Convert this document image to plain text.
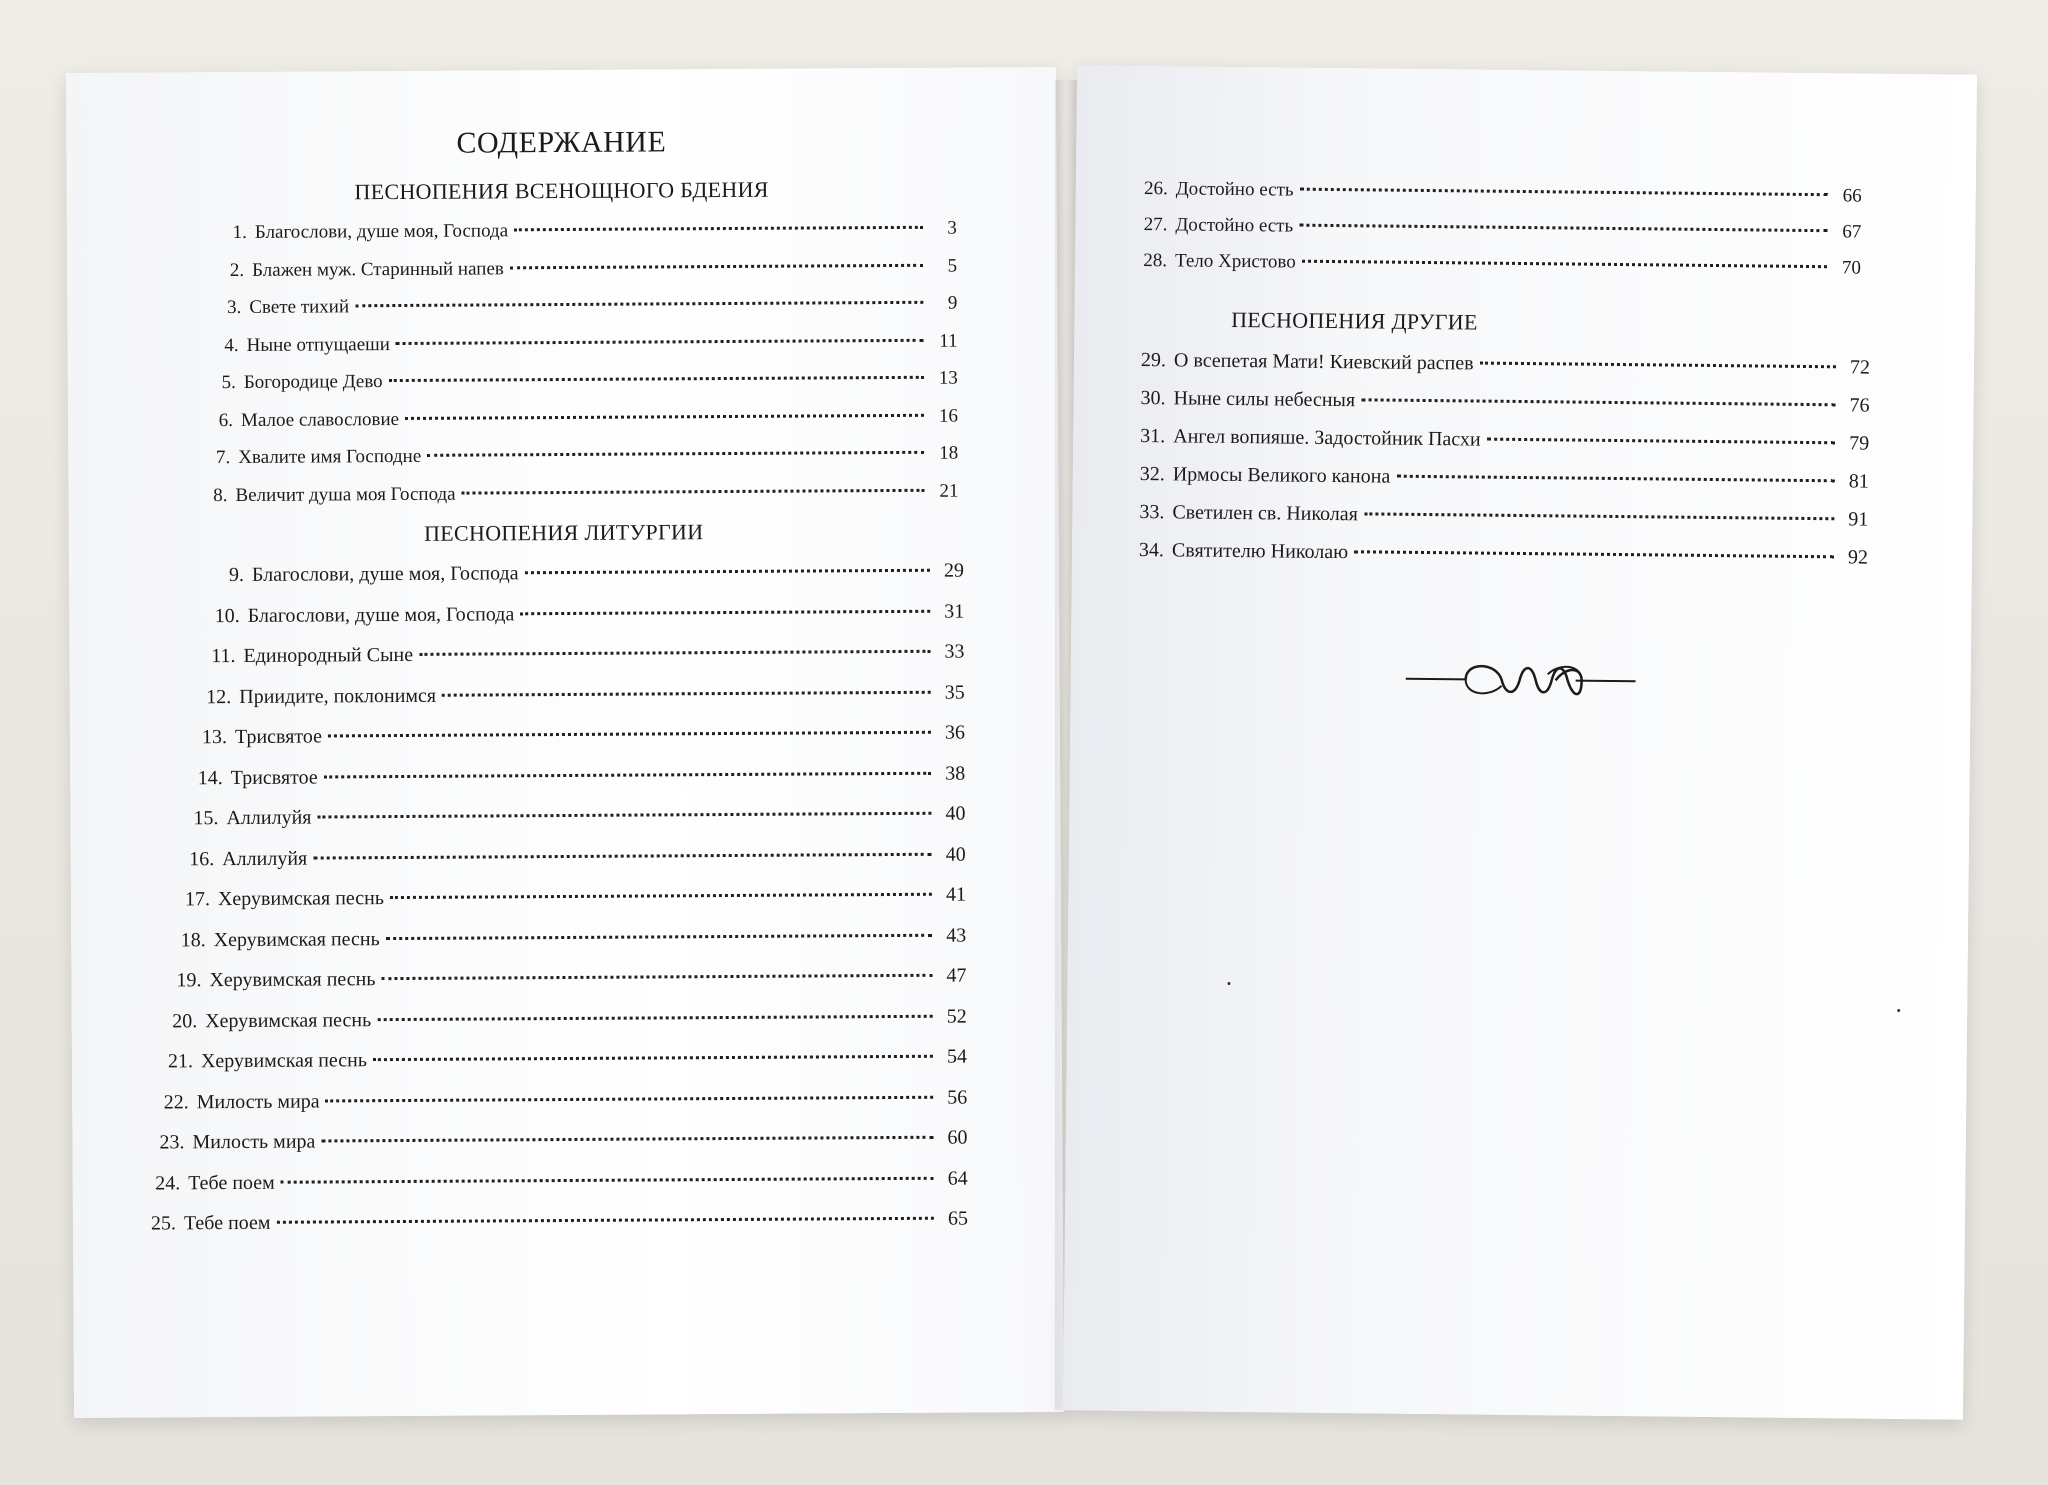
СОДЕРЖАНИЕ
ПЕСНОПЕНИЯ ВСЕНОЩНОГО БДЕНИЯ
1. Благослови, душе моя, Господа	3
2. Блажен муж. Старинный напев	5
3. Свете тихий	9
4. Ныне отпущаеши	11
5. Богородице Дево	13
6. Малое славословие	16
7. Хвалите имя Господне	18
8. Величит душа моя Господа	21
ПЕСНОПЕНИЯ ЛИТУРГИИ
9. Благослови, душе моя, Господа	29
10. Благослови, душе моя, Господа	31
11. Единородный Сыне	33
12. Приидите, поклонимся	35
13. Трисвятое	36
14. Трисвятое	38
15. Аллилуйя	40
16. Аллилуйя	40
17. Херувимская песнь	41
18. Херувимская песнь	43
19. Херувимская песнь	47
20. Херувимская песнь	52
21. Херувимская песнь	54
22. Милость мира	56
23. Милость мира	60
24. Тебе поем	64
25. Тебе поем	65
26. Достойно есть	66
27. Достойно есть	67
28. Тело Христово	70
ПЕСНОПЕНИЯ ДРУГИЕ
29. О всепетая Мати! Киевский распев	72
30. Ныне силы небесныя	76
31. Ангел вопияше. Задостойник Пасхи	79
32. Ирмосы Великого канона	81
33. Светилен св. Николая	91
34. Святителю Николаю	92
